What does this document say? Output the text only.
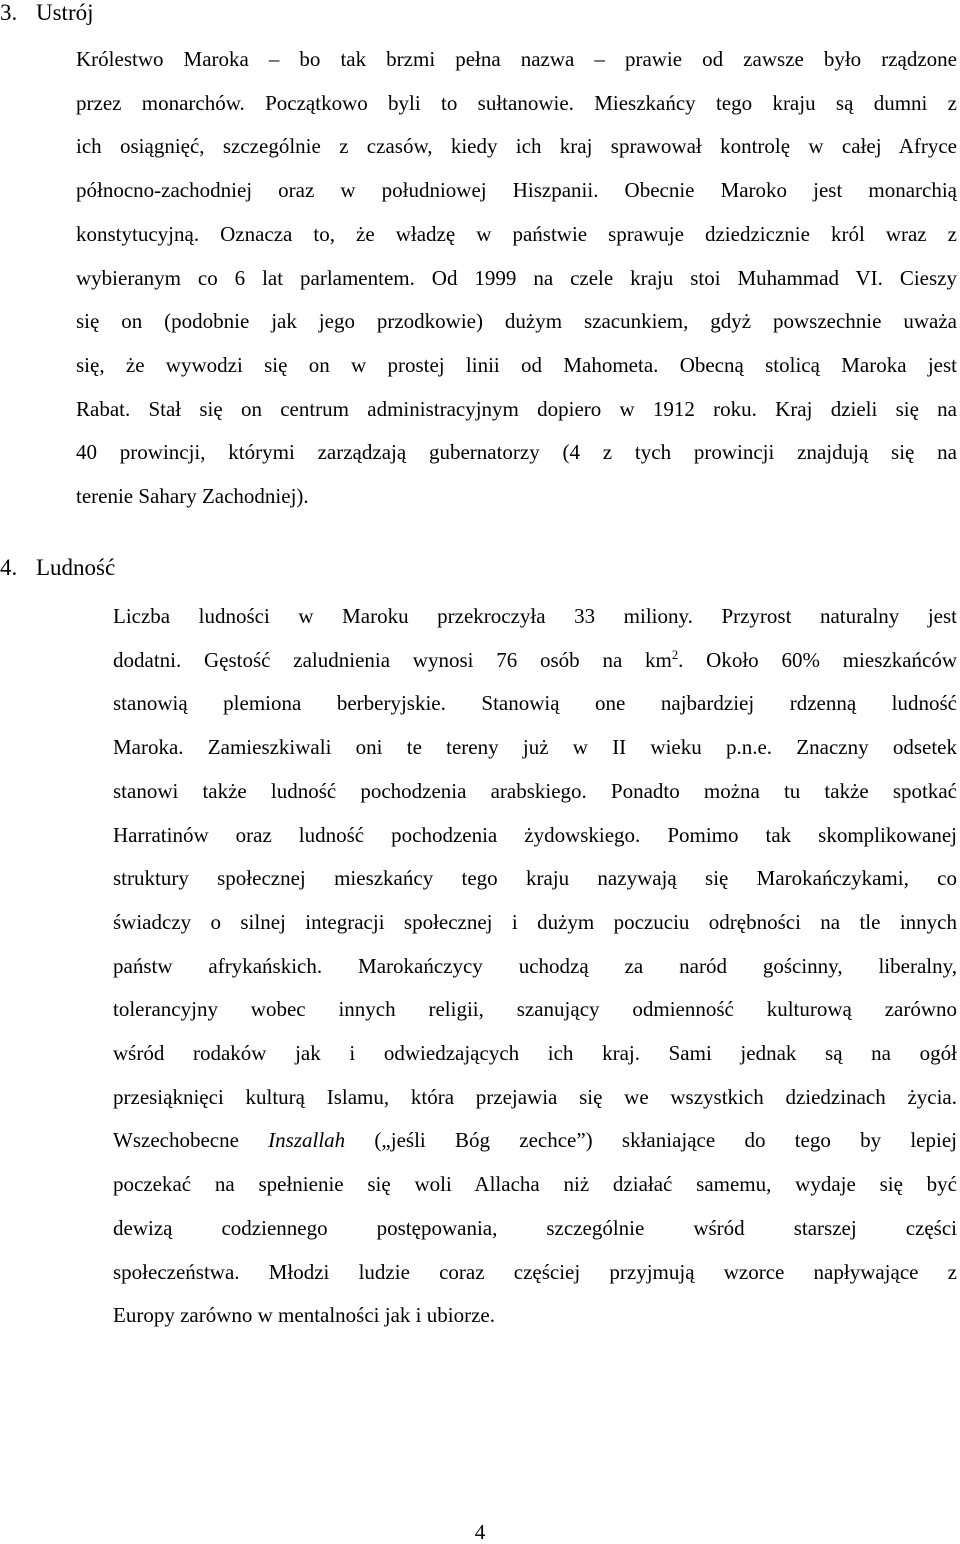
3. Ustrój

Królestwo Maroka – bo tak brzmi pełna nazwa – prawie od zawsze było rządzone
przez monarchów. Początkowo byli to sułtanowie. Mieszkańcy tego kraju są dumni z
ich osiągnięć, szczególnie z czasów, kiedy ich kraj sprawował kontrolę w całej Afryce
północno-zachodniej oraz w południowej Hiszpanii. Obecnie Maroko jest monarchią
konstytucyjną. Oznacza to, że władzę w państwie sprawuje dziedzicznie król wraz z
wybieranym co 6 lat parlamentem. Od 1999 na czele kraju stoi Muhammad VI. Cieszy
się on (podobnie jak jego przodkowie) dużym szacunkiem, gdyż powszechnie uważa
się, że wywodzi się on w prostej linii od Mahometa. Obecną stolicą Maroka jest
Rabat. Stał się on centrum administracyjnym dopiero w 1912 roku. Kraj dzieli się na
40 prowincji, którymi zarządzają gubernatorzy (4 z tych prowincji znajdują się na
terenie Sahary Zachodniej).

4. Ludność

Liczba ludności w Maroku przekroczyła 33 miliony. Przyrost naturalny jest
dodatni. Gęstość zaludnienia wynosi 76 osób na $km^2$. Około 60% mieszkańców
stanowią plemiona berberyjskie. Stanowią one najbardziej rdzenną ludność
Maroka. Zamieszkiwali oni te tereny już w II wieku p.n.e. Znaczny odsetek
stanowi także ludność pochodzenia arabskiego. Ponadto można tu także spotkać
Harratinów oraz ludność pochodzenia żydowskiego. Pomimo tak skomplikowanej
struktury społecznej mieszkańcy tego kraju nazywają się Marokańczykami, co
świadczy o silnej integracji społecznej i dużym poczuciu odrębności na tle innych
państw afrykańskich. Marokańczycy uchodzą za naród gościnny, liberalny,
tolerancyjny wobec innych religii, szanujący odmienność kulturową zarówno
wśród rodaków jak i odwiedzających ich kraj. Sami jednak są na ogół
przesiąknięci kulturą Islamu, która przejawia się we wszystkich dziedzinach życia.
Wszechobecne Inszallah („jeśli Bóg zechce”) skłaniające do tego by lepiej
poczekać na spełnienie się woli Allacha niż działać samemu, wydaje się być
dewizą codziennego postępowania, szczególnie wśród starszej części
społeczeństwa. Młodzi ludzie coraz częściej przyjmują wzorce napływające z
Europy zarówno w mentalności jak i ubiorze.

4
